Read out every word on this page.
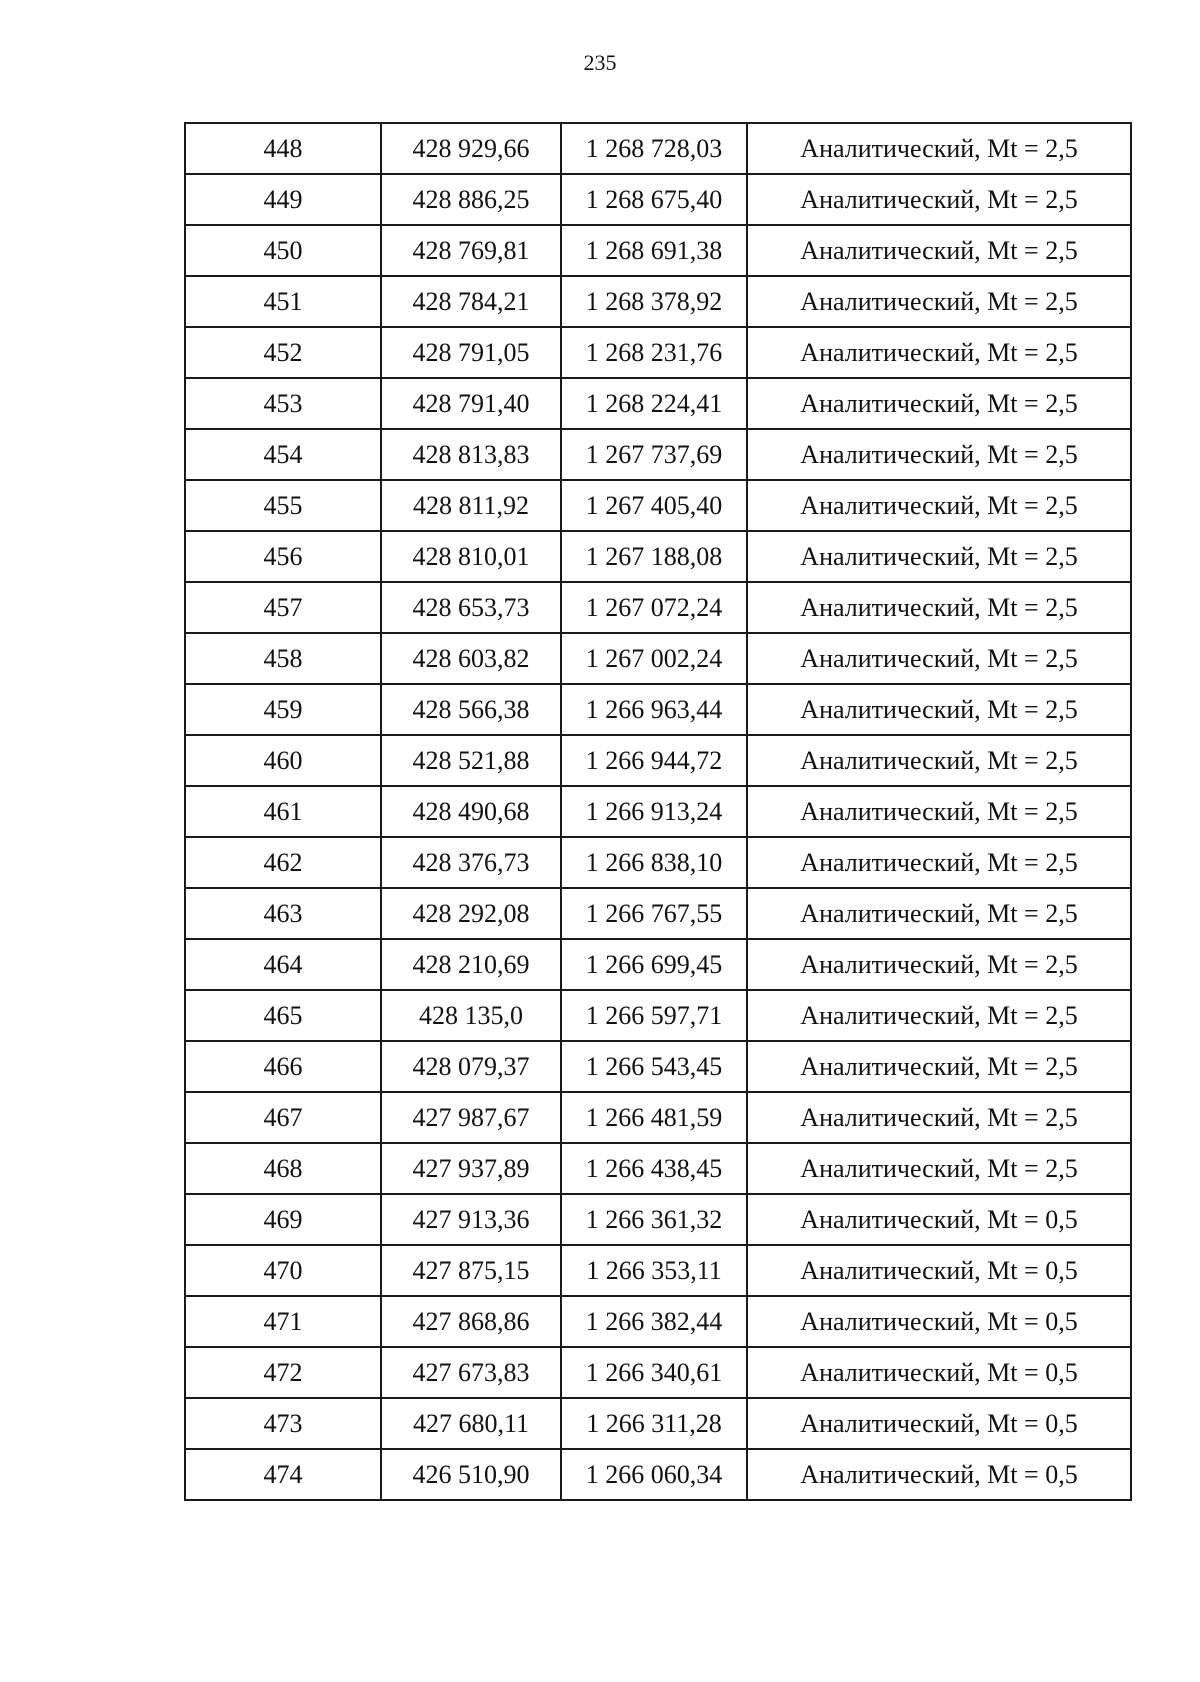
235
448	428 929,66	1 268 728,03	Аналитический, Mt = 2,5
449	428 886,25	1 268 675,40	Аналитический, Mt = 2,5
450	428 769,81	1 268 691,38	Аналитический, Mt = 2,5
451	428 784,21	1 268 378,92	Аналитический, Mt = 2,5
452	428 791,05	1 268 231,76	Аналитический, Mt = 2,5
453	428 791,40	1 268 224,41	Аналитический, Mt = 2,5
454	428 813,83	1 267 737,69	Аналитический, Mt = 2,5
455	428 811,92	1 267 405,40	Аналитический, Mt = 2,5
456	428 810,01	1 267 188,08	Аналитический, Mt = 2,5
457	428 653,73	1 267 072,24	Аналитический, Mt = 2,5
458	428 603,82	1 267 002,24	Аналитический, Mt = 2,5
459	428 566,38	1 266 963,44	Аналитический, Mt = 2,5
460	428 521,88	1 266 944,72	Аналитический, Mt = 2,5
461	428 490,68	1 266 913,24	Аналитический, Mt = 2,5
462	428 376,73	1 266 838,10	Аналитический, Mt = 2,5
463	428 292,08	1 266 767,55	Аналитический, Mt = 2,5
464	428 210,69	1 266 699,45	Аналитический, Mt = 2,5
465	428 135,0	1 266 597,71	Аналитический, Mt = 2,5
466	428 079,37	1 266 543,45	Аналитический, Mt = 2,5
467	427 987,67	1 266 481,59	Аналитический, Mt = 2,5
468	427 937,89	1 266 438,45	Аналитический, Mt = 2,5
469	427 913,36	1 266 361,32	Аналитический, Mt = 0,5
470	427 875,15	1 266 353,11	Аналитический, Mt = 0,5
471	427 868,86	1 266 382,44	Аналитический, Mt = 0,5
472	427 673,83	1 266 340,61	Аналитический, Mt = 0,5
473	427 680,11	1 266 311,28	Аналитический, Mt = 0,5
474	426 510,90	1 266 060,34	Аналитический, Mt = 0,5
